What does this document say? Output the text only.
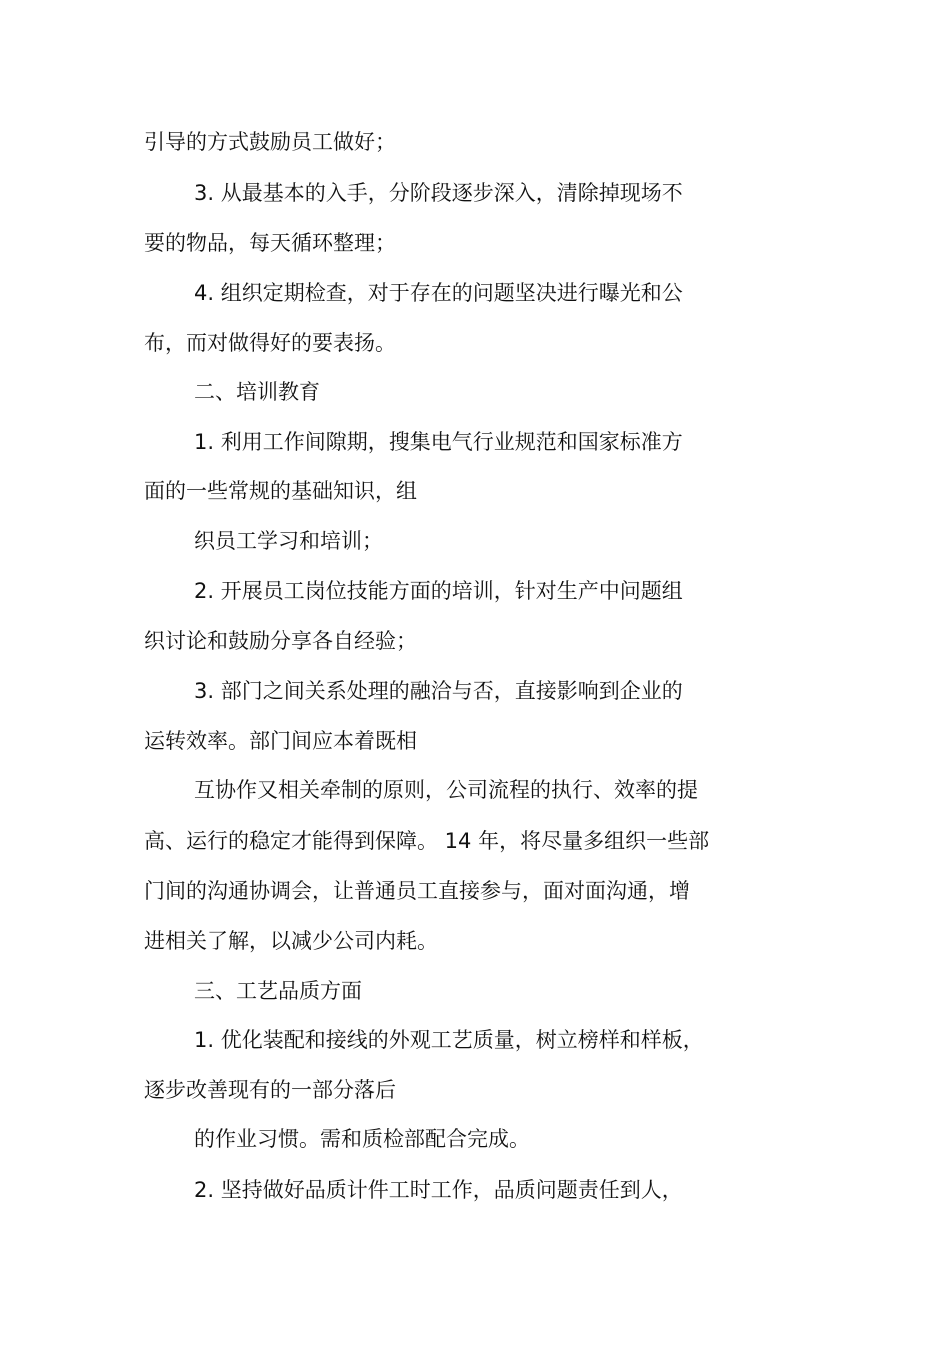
引导的方式鼓励员工做好；
3. 从最基本的入手，分阶段逐步深入，清除掉现场不
要的物品，每天循环整理；
4. 组织定期检查，对于存在的问题坚决进行曝光和公
布，而对做得好的要表扬。
二、培训教育
1. 利用工作间隙期，搜集电气行业规范和国家标准方
面的一些常规的基础知识，组
织员工学习和培训；
2. 开展员工岗位技能方面的培训，针对生产中问题组
织讨论和鼓励分享各自经验；
3. 部门之间关系处理的融洽与否，直接影响到企业的
运转效率。部门间应本着既相
互协作又相关牵制的原则，公司流程的执行、效率的提
高、运行的稳定才能得到保障。 14 年，将尽量多组织一些部
门间的沟通协调会，让普通员工直接参与，面对面沟通，增
进相关了解，以减少公司内耗。
三、工艺品质方面
1. 优化装配和接线的外观工艺质量，树立榜样和样板，
逐步改善现有的一部分落后
的作业习惯。需和质检部配合完成。
2. 坚持做好品质计件工时工作，品质问题责任到人，
